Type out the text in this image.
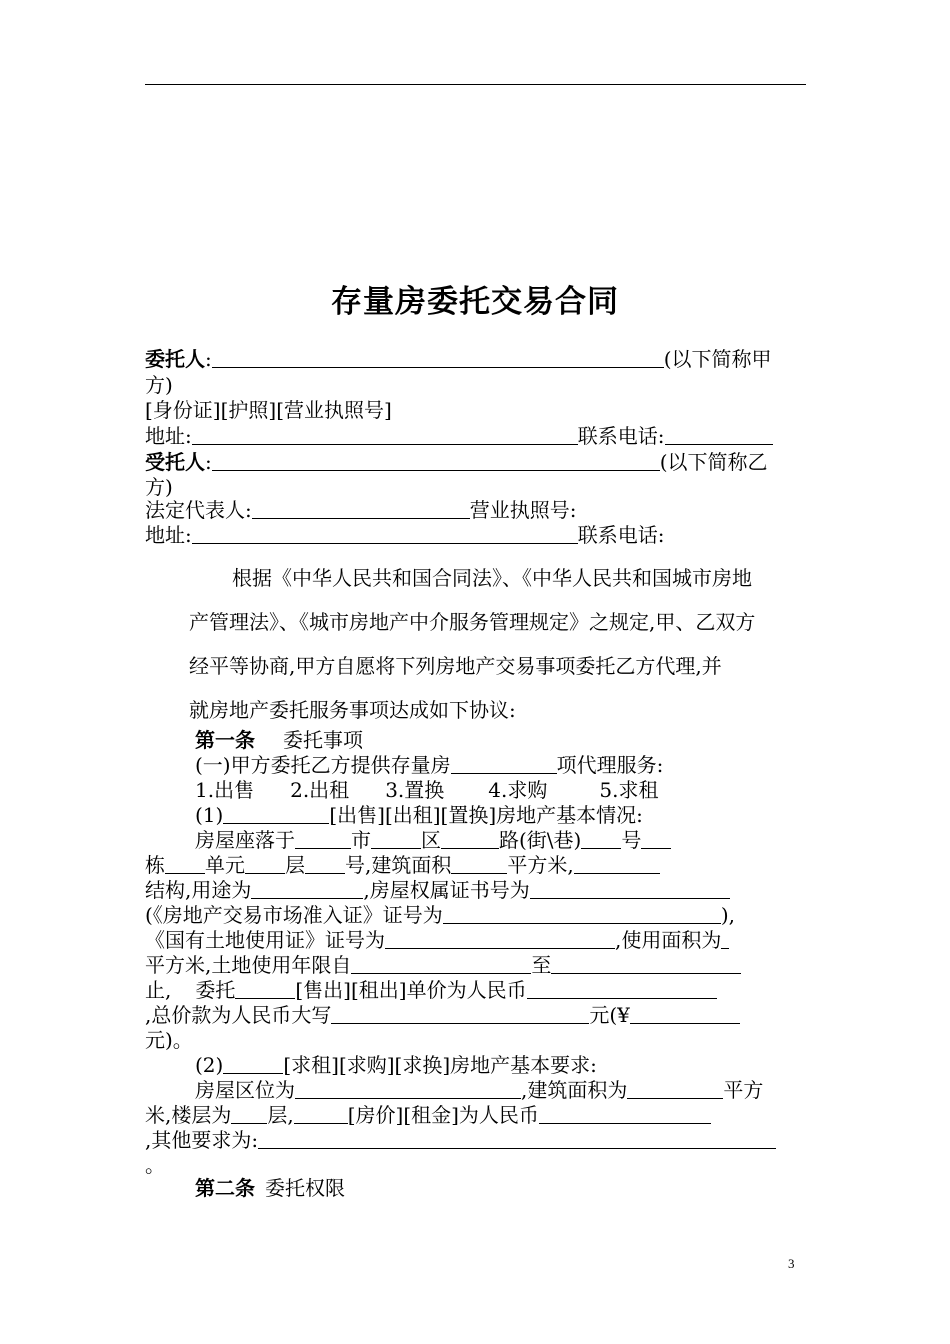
存量房委托交易合同
委托人:	(以下简称甲
方)
[身份证][护照][营业执照号]
地址:	联系电话:
受托人:	(以下简称乙
方)
法定代表人:	营业执照号:
地址:	联系电话:
根据《中华人民共和国合同法》、《中华人民共和国城市房地
产管理法》、《城市房地产中介服务管理规定》之规定,甲、乙双方
经平等协商,甲方自愿将下列房地产交易事项委托乙方代理,并
就房地产委托服务事项达成如下协议:
第一条 委托事项
(一)甲方委托乙方提供存量房	项代理服务:
1.出售 2.出租 3.置换 4.求购	5.求租
(1)	[出售][出租][置换]房地产基本情况:
房屋座落于	市	区	路(街\巷) 号
栋 单元 层 号,建筑面积	平方米,
结构,用途为	,房屋权属证书号为
(《房地产交易市场准入证》证号为	),
《国有土地使用证》证号为	,使用面积为
平方米,土地使用年限自	至
止, 委托	[售出][租出]单价为人民币
,总价款为人民币大写	元(¥
元)。
(2)	[求租][求购][求换]房地产基本要求:
房屋区位为	,建筑面积为	平方
米,楼层为 层,	[房价][租金]为人民币
,其他要求为:
。
第二条 委托权限
3
